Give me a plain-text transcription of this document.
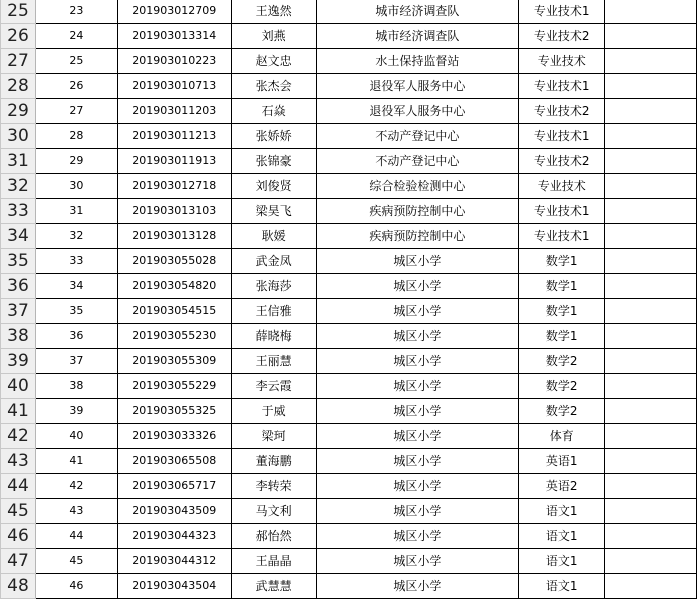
25	23	201903012709	王逸然	城市经济调查队	专业技术1	
26	24	201903013314	刘燕	城市经济调查队	专业技术2	
27	25	201903010223	赵文忠	水土保持监督站	专业技术	
28	26	201903010713	张杰会	退役军人服务中心	专业技术1	
29	27	201903011203	石焱	退役军人服务中心	专业技术2	
30	28	201903011213	张娇娇	不动产登记中心	专业技术1	
31	29	201903011913	张锦豪	不动产登记中心	专业技术2	
32	30	201903012718	刘俊贤	综合检验检测中心	专业技术	
33	31	201903013103	梁昊飞	疾病预防控制中心	专业技术1	
34	32	201903013128	耿媛	疾病预防控制中心	专业技术1	
35	33	201903055028	武金凤	城区小学	数学1	
36	34	201903054820	张海莎	城区小学	数学1	
37	35	201903054515	王信雅	城区小学	数学1	
38	36	201903055230	薛晓梅	城区小学	数学1	
39	37	201903055309	王丽慧	城区小学	数学2	
40	38	201903055229	李云霞	城区小学	数学2	
41	39	201903055325	于威	城区小学	数学2	
42	40	201903033326	梁珂	城区小学	体育	
43	41	201903065508	董海鹏	城区小学	英语1	
44	42	201903065717	李转荣	城区小学	英语2	
45	43	201903043509	马文利	城区小学	语文1	
46	44	201903044323	郝怡然	城区小学	语文1	
47	45	201903044312	王晶晶	城区小学	语文1	
48	46	201903043504	武慧慧	城区小学	语文1	
